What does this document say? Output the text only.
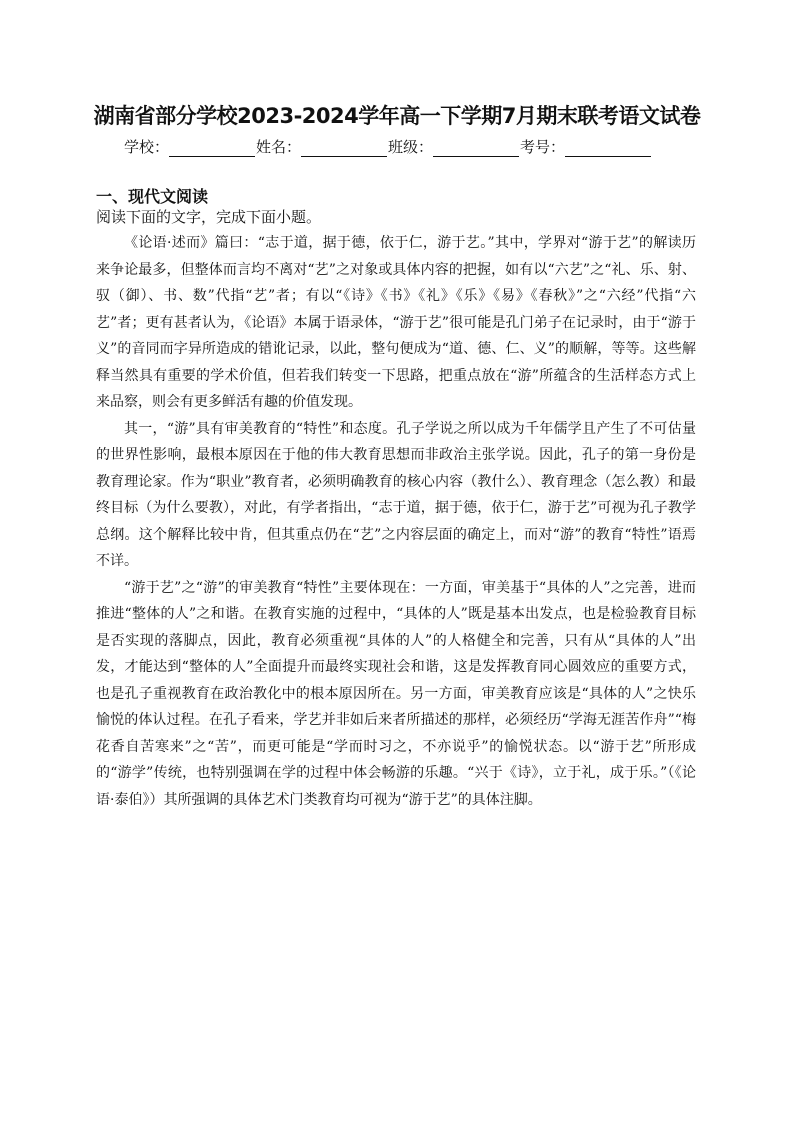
湖南省部分学校2023-2024学年高一下学期7月期末联考语文试卷
学校：	姓名：	班级：	考号：
一、现代文阅读
阅读下面的文字，完成下面小题。

《论语·述而》篇曰：“志于道，据于德，依于仁，游于艺。”其中，学界对“游于艺”的解读历来争论最多，但整体而言均不离对“艺”之对象或具体内容的把握，如有以“六艺”之“礼、乐、射、驭（御）、书、数”代指“艺”者；有以“《诗》《书》《礼》《乐》《易》《春秋》”之“六经”代指“六艺”者；更有甚者认为，《论语》本属于语录体，“游于艺”很可能是孔门弟子在记录时，由于“游于义”的音同而字异所造成的错讹记录，以此，整句便成为“道、德、仁、义”的顺解，等等。这些解释当然具有重要的学术价值，但若我们转变一下思路，把重点放在“游”所蕴含的生活样态方式上来品察，则会有更多鲜活有趣的价值发现。

其一，“游”具有审美教育的“特性”和态度。孔子学说之所以成为千年儒学且产生了不可估量的世界性影响，最根本原因在于他的伟大教育思想而非政治主张学说。因此，孔子的第一身份是教育理论家。作为“职业”教育者，必须明确教育的核心内容（教什么）、教育理念（怎么教）和最终目标（为什么要教），对此，有学者指出，“志于道，据于德，依于仁，游于艺”可视为孔子教学总纲。这个解释比较中肯，但其重点仍在“艺”之内容层面的确定上，而对“游”的教育“特性”语焉不详。

“游于艺”之“游”的审美教育“特性”主要体现在：一方面，审美基于“具体的人”之完善，进而推进“整体的人”之和谐。在教育实施的过程中，“具体的人”既是基本出发点，也是检验教育目标是否实现的落脚点，因此，教育必须重视“具体的人”的人格健全和完善，只有从“具体的人”出发，才能达到“整体的人”全面提升而最终实现社会和谐，这是发挥教育同心圆效应的重要方式，也是孔子重视教育在政治教化中的根本原因所在。另一方面，审美教育应该是“具体的人”之快乐愉悦的体认过程。在孔子看来，学艺并非如后来者所描述的那样，必须经历“学海无涯苦作舟”“梅花香自苦寒来”之“苦”，而更可能是“学而时习之，不亦说乎”的愉悦状态。以“游于艺”所形成的“游学”传统，也特别强调在学的过程中体会畅游的乐趣。“兴于《诗》，立于礼，成于乐。”（《论语·泰伯》）其所强调的具体艺术门类教育均可视为“游于艺”的具体注脚。
